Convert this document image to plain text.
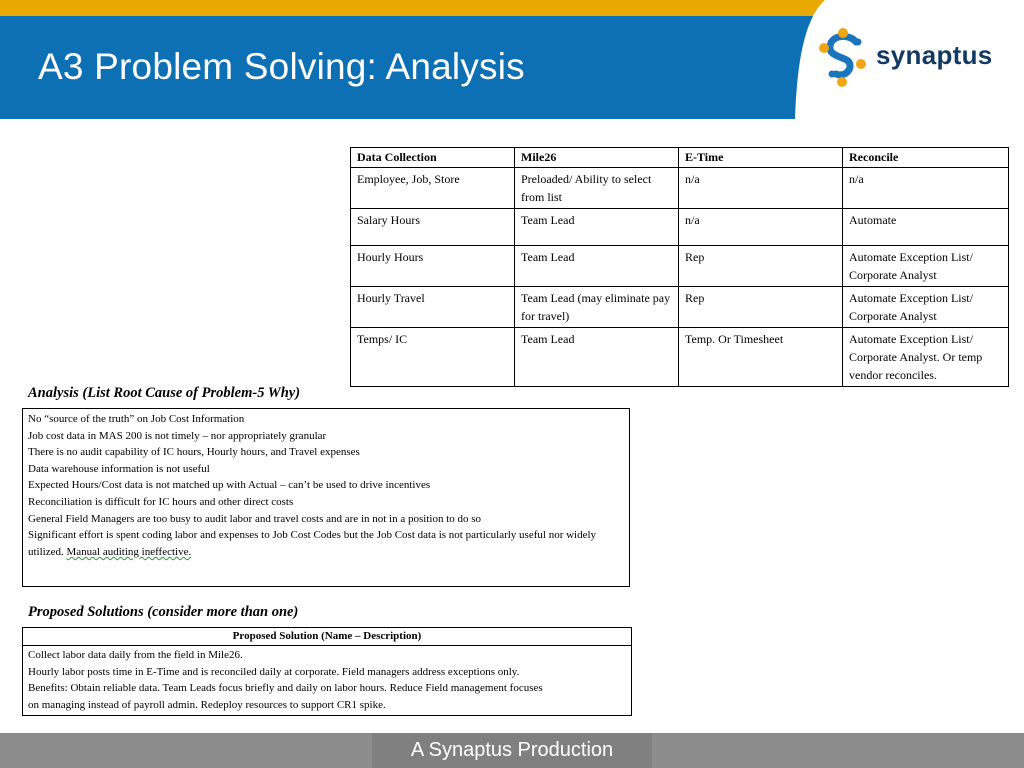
A3 Problem Solving: Analysis	synaptus
Data Collection	Mile26	E-Time	Reconcile
Employee, Job, Store	Preloaded/ Ability to select from list	n/a	n/a
Salary Hours	Team Lead	n/a	Automate
Hourly Hours	Team Lead	Rep	Automate Exception List/ Corporate Analyst
Hourly Travel	Team Lead (may eliminate pay for travel)	Rep	Automate Exception List/ Corporate Analyst
Temps/ IC	Team Lead	Temp. Or Timesheet	Automate Exception List/ Corporate Analyst. Or temp vendor reconciles.
Analysis (List Root Cause of Problem-5 Why)
No “source of the truth” on Job Cost Information
Job cost data in MAS 200 is not timely – nor appropriately granular
There is no audit capability of IC hours, Hourly hours, and Travel expenses
Data warehouse information is not useful
Expected Hours/Cost data is not matched up with Actual – can’t be used to drive incentives
Reconciliation is difficult for IC hours and other direct costs
General Field Managers are too busy to audit labor and travel costs and are in not in a position to do so
Significant effort is spent coding labor and expenses to Job Cost Codes but the Job Cost data is not particularly useful nor widely utilized. Manual auditing ineffective.
Proposed Solutions (consider more than one)
Proposed Solution (Name – Description)
Collect labor data daily from the field in Mile26.
Hourly labor posts time in E-Time and is reconciled daily at corporate. Field managers address exceptions only.
Benefits: Obtain reliable data. Team Leads focus briefly and daily on labor hours. Reduce Field management focuses
on managing instead of payroll admin. Redeploy resources to support CR1 spike.
A Synaptus Production
